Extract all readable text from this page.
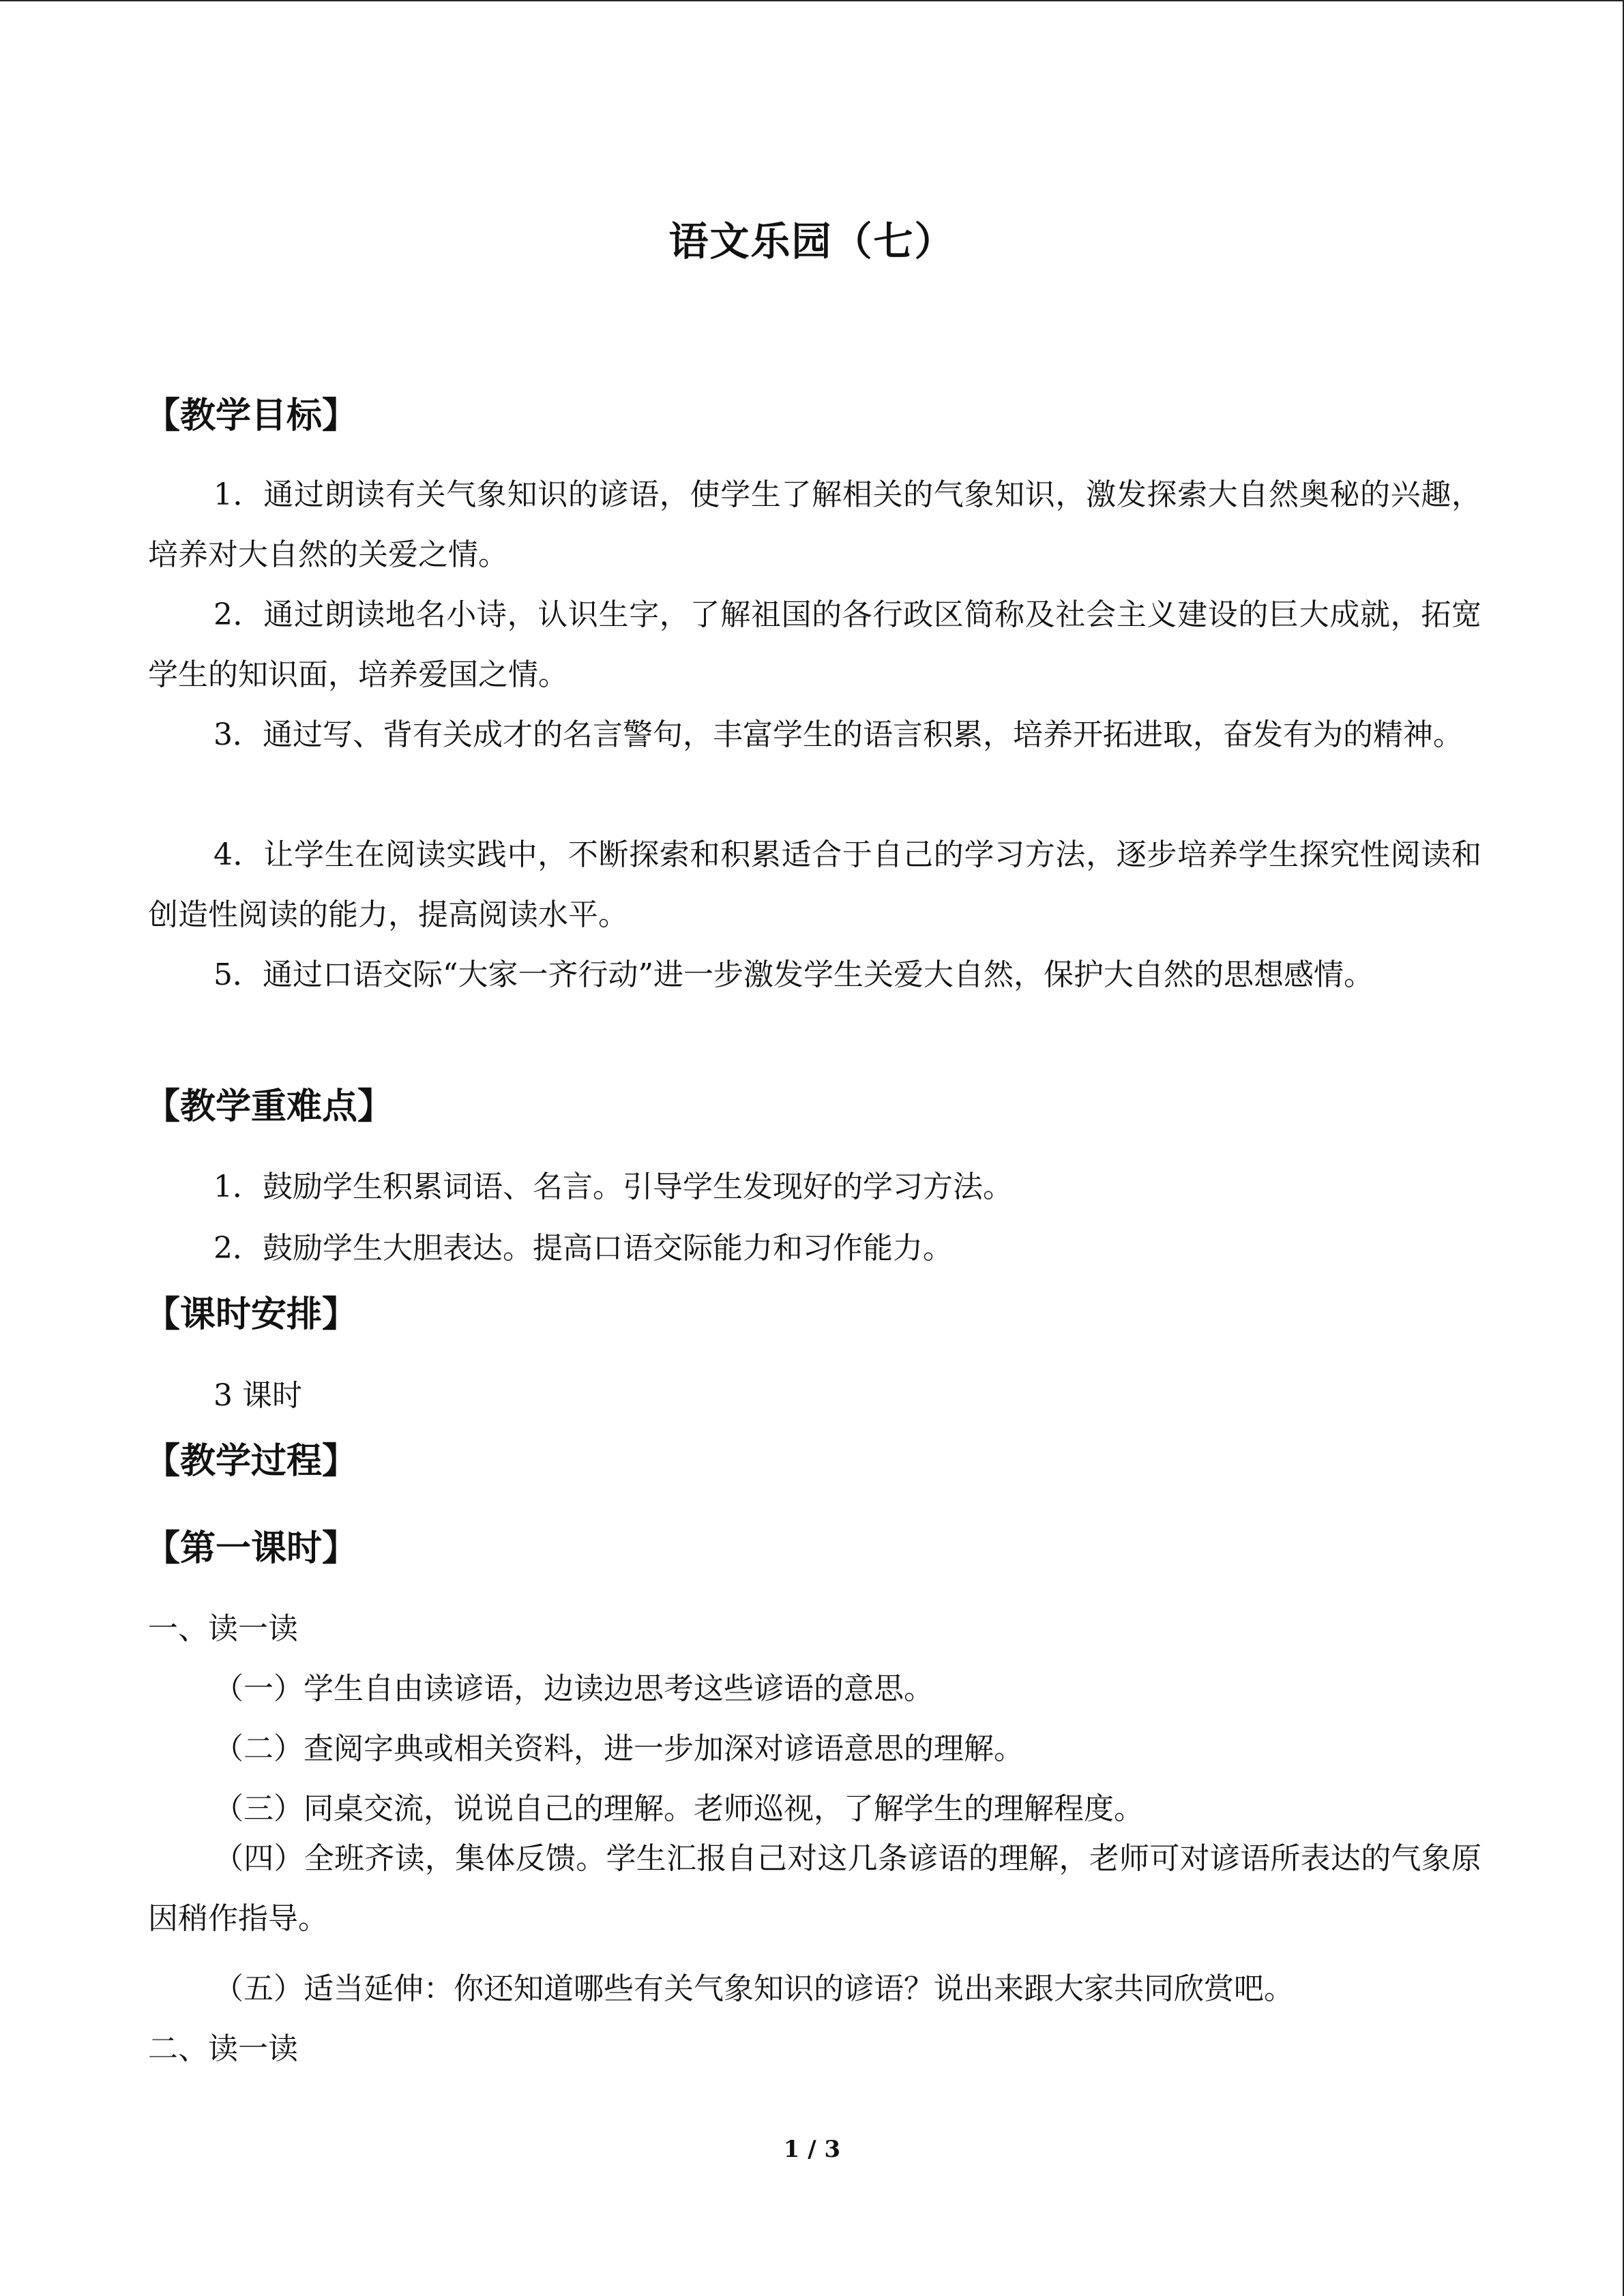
语文乐园（七）
【教学目标】
1．通过朗读有关气象知识的谚语，使学生了解相关的气象知识，激发探索大自然奥秘的兴趣，培养对大自然的关爱之情。
2．通过朗读地名小诗，认识生字，了解祖国的各行政区简称及社会主义建设的巨大成就，拓宽学生的知识面，培养爱国之情。
3．通过写、背有关成才的名言警句，丰富学生的语言积累，培养开拓进取，奋发有为的精神。
4．让学生在阅读实践中，不断探索和积累适合于自己的学习方法，逐步培养学生探究性阅读和创造性阅读的能力，提高阅读水平。
5．通过口语交际“大家一齐行动”进一步激发学生关爱大自然，保护大自然的思想感情。
【教学重难点】
1．鼓励学生积累词语、名言。引导学生发现好的学习方法。
2．鼓励学生大胆表达。提高口语交际能力和习作能力。
【课时安排】
3 课时
【教学过程】
【第一课时】
一、读一读
（一）学生自由读谚语，边读边思考这些谚语的意思。
（二）查阅字典或相关资料，进一步加深对谚语意思的理解。
（三）同桌交流，说说自己的理解。老师巡视，了解学生的理解程度。
（四）全班齐读，集体反馈。学生汇报自己对这几条谚语的理解，老师可对谚语所表达的气象原因稍作指导。
（五）适当延伸：你还知道哪些有关气象知识的谚语？说出来跟大家共同欣赏吧。
二、读一读
1 / 3
